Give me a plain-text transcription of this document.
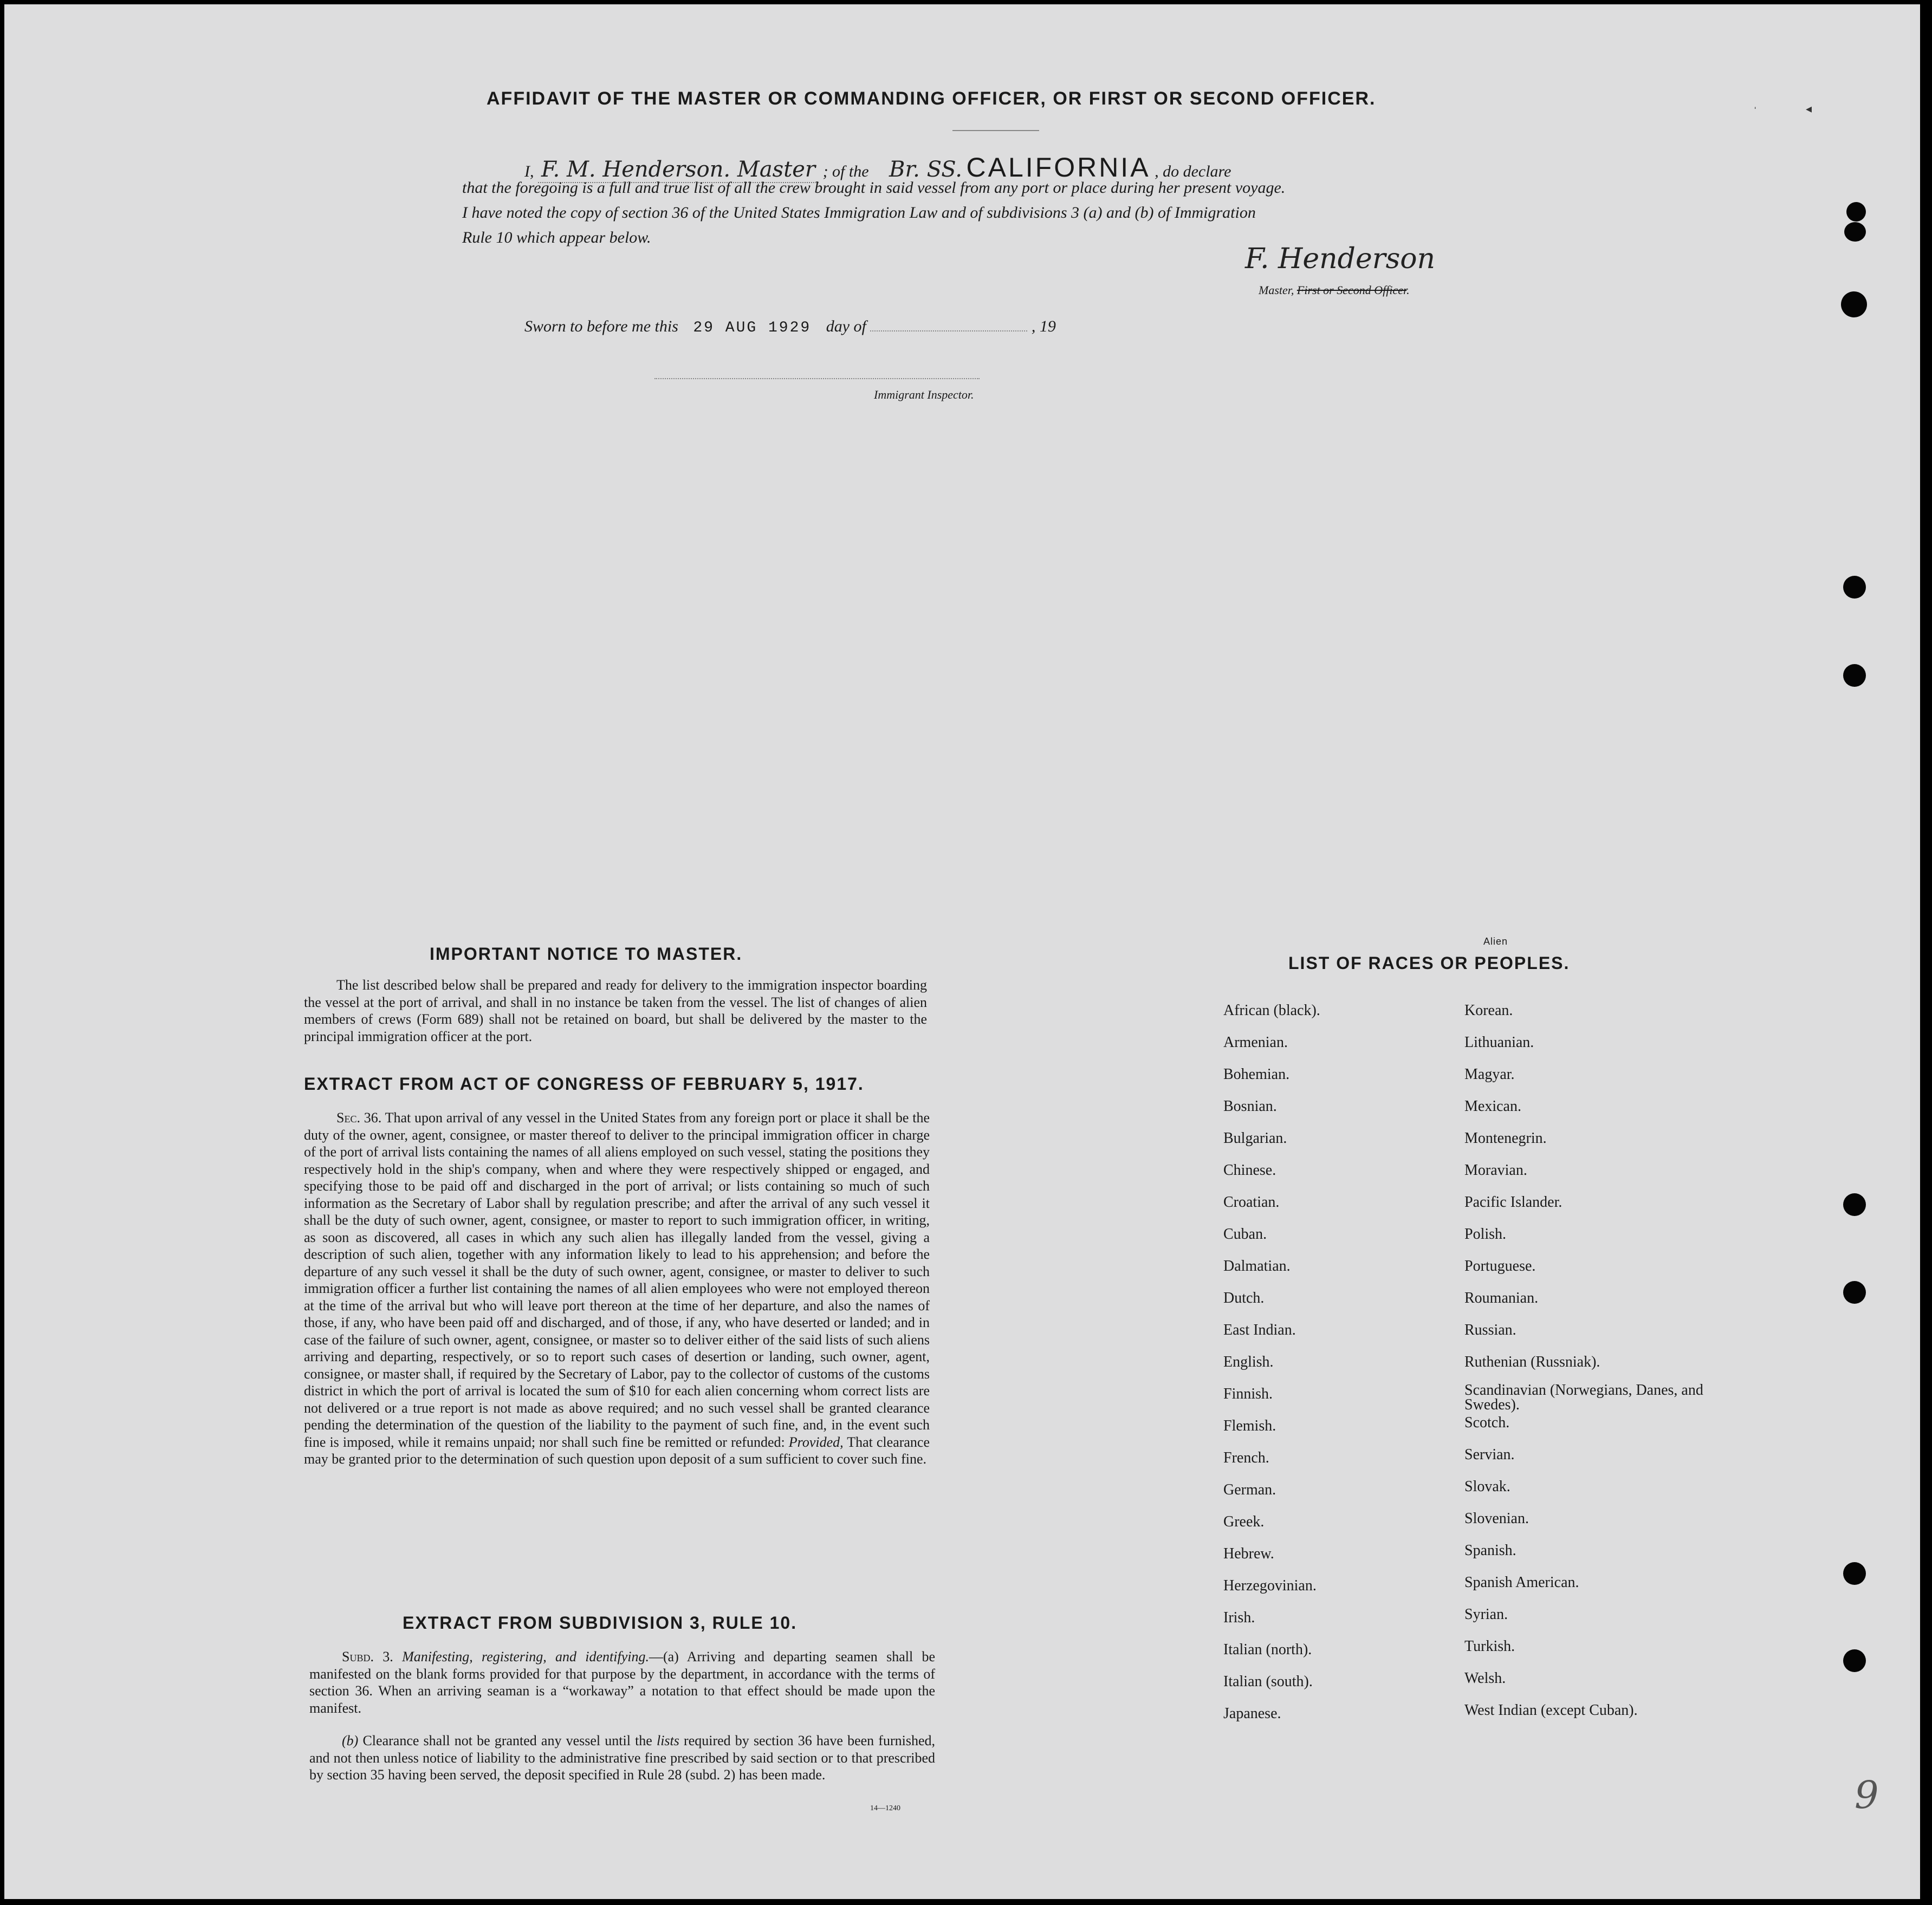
AFFIDAVIT OF THE MASTER OR COMMANDING OFFICER, OR FIRST OR SECOND OFFICER.
I, F. M. Henderson. Master ; of the Br. SS. CALIFORNIA , do declare
that the foregoing is a full and true list of all the crew brought in said vessel from any port or place during her present voyage.
I have noted the copy of section 36 of the United States Immigration Law and of subdivisions 3 (a) and (b) of Immigration
Rule 10 which appear below.
F. Henderson
Master, First or Second Officer.
Sworn to before me this 29 AUG 1929 day of	, 19
Immigrant Inspector.
IMPORTANT NOTICE TO MASTER.
The list described below shall be prepared and ready for delivery to the immigration inspector boarding the vessel at the port of arrival, and shall in no instance be taken from the vessel. The list of changes of alien members of crews (Form 689) shall not be retained on board, but shall be delivered by the master to the principal immigration officer at the port.
EXTRACT FROM ACT OF CONGRESS OF FEBRUARY 5, 1917.
Sec. 36. That upon arrival of any vessel in the United States from any foreign port or place it shall be the duty of the owner, agent, consignee, or master thereof to deliver to the principal immigration officer in charge of the port of arrival lists containing the names of all aliens employed on such vessel, stating the positions they respectively hold in the ship's company, when and where they were respectively shipped or engaged, and specifying those to be paid off and discharged in the port of arrival; or lists containing so much of such information as the Secretary of Labor shall by regulation prescribe; and after the arrival of any such vessel it shall be the duty of such owner, agent, consignee, or master to report to such immigration officer, in writing, as soon as discovered, all cases in which any such alien has illegally landed from the vessel, giving a description of such alien, together with any information likely to lead to his apprehension; and before the departure of any such vessel it shall be the duty of such owner, agent, consignee, or master to deliver to such immigration officer a further list containing the names of all alien employees who were not employed thereon at the time of the arrival but who will leave port thereon at the time of her departure, and also the names of those, if any, who have been paid off and discharged, and of those, if any, who have deserted or landed; and in case of the failure of such owner, agent, consignee, or master so to deliver either of the said lists of such aliens arriving and departing, respectively, or so to report such cases of desertion or landing, such owner, agent, consignee, or master shall, if required by the Secretary of Labor, pay to the collector of customs of the customs district in which the port of arrival is located the sum of $10 for each alien concerning whom correct lists are not delivered or a true report is not made as above required; and no such vessel shall be granted clearance pending the determination of the question of the liability to the payment of such fine, and, in the event such fine is imposed, while it remains unpaid; nor shall such fine be remitted or refunded: Provided, That clearance may be granted prior to the determination of such question upon deposit of a sum sufficient to cover such fine.
EXTRACT FROM SUBDIVISION 3, RULE 10.
Subd. 3. Manifesting, registering, and identifying.—(a) Arriving and departing seamen shall be manifested on the blank forms provided for that purpose by the department, in accordance with the terms of section 36. When an arriving seaman is a “workaway” a notation to that effect should be made upon the manifest.
(b) Clearance shall not be granted any vessel until the lists required by section 36 have been furnished, and not then unless notice of liability to the administrative fine prescribed by said section or to that prescribed by section 35 having been served, the deposit specified in Rule 28 (subd. 2) has been made.
14—1240
Alien
LIST OF RACES OR PEOPLES.
African (black).
Armenian.
Bohemian.
Bosnian.
Bulgarian.
Chinese.
Croatian.
Cuban.
Dalmatian.
Dutch.
East Indian.
English.
Finnish.
Flemish.
French.
German.
Greek.
Hebrew.
Herzegovinian.
Irish.
Italian (north).
Italian (south).
Japanese.
Korean.
Lithuanian.
Magyar.
Mexican.
Montenegrin.
Moravian.
Pacific Islander.
Polish.
Portuguese.
Roumanian.
Russian.
Ruthenian (Russniak).
Scandinavian (Norwegians, Danes, and Swedes).
Scotch.
Servian.
Slovak.
Slovenian.
Spanish.
Spanish American.
Syrian.
Turkish.
Welsh.
West Indian (except Cuban).
9
ˈ	◂
